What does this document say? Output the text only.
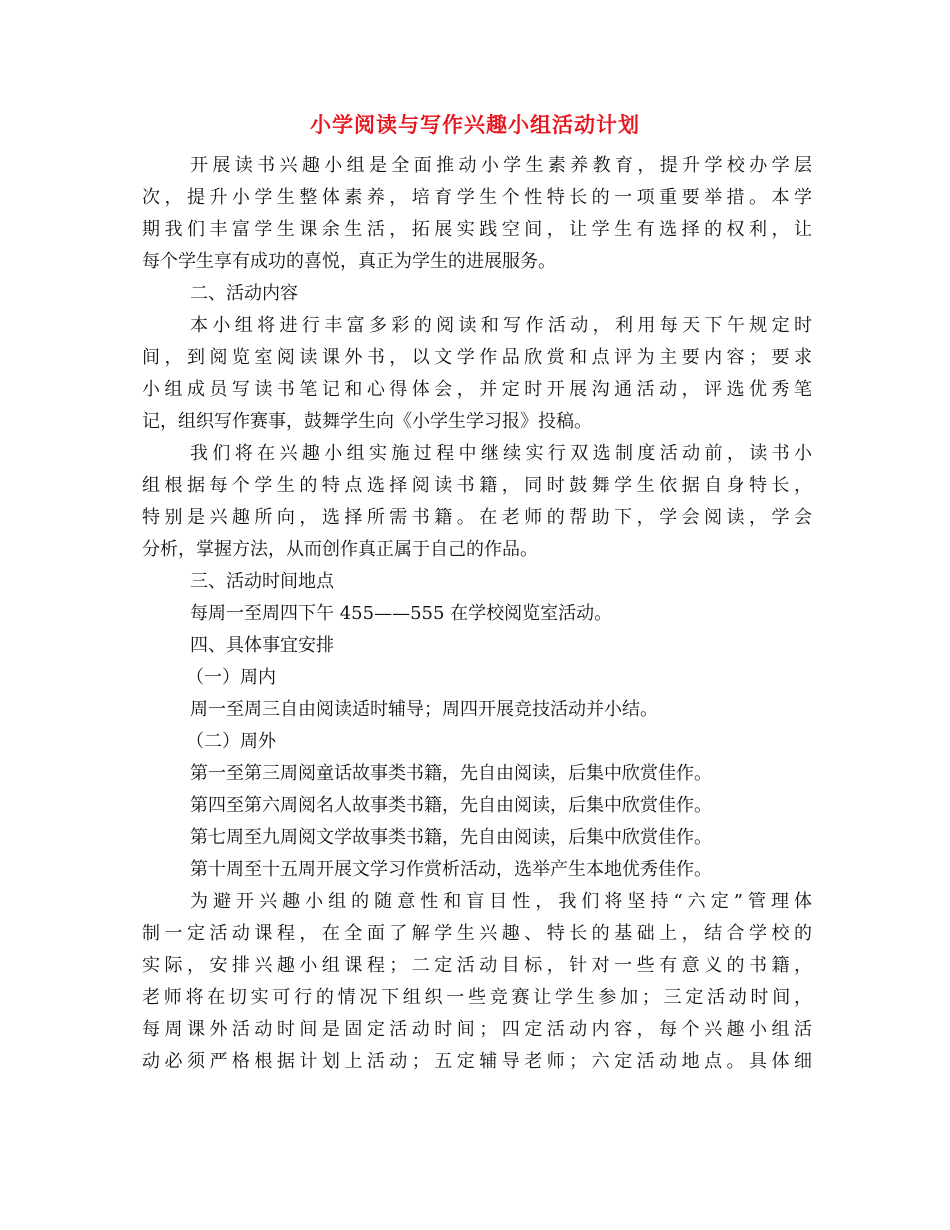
小学阅读与写作兴趣小组活动计划
开展读书兴趣小组是全面推动小学生素养教育，提升学校办学层
次，提升小学生整体素养，培育学生个性特长的一项重要举措。本学
期我们丰富学生课余生活，拓展实践空间，让学生有选择的权利，让
每个学生享有成功的喜悦，真正为学生的进展服务。
二、活动内容
本小组将进行丰富多彩的阅读和写作活动，利用每天下午规定时
间，到阅览室阅读课外书，以文学作品欣赏和点评为主要内容；要求
小组成员写读书笔记和心得体会，并定时开展沟通活动，评选优秀笔
记，组织写作赛事，鼓舞学生向《小学生学习报》投稿。
我们将在兴趣小组实施过程中继续实行双选制度活动前，读书小
组根据每个学生的特点选择阅读书籍，同时鼓舞学生依据自身特长，
特别是兴趣所向，选择所需书籍。在老师的帮助下，学会阅读，学会
分析，掌握方法，从而创作真正属于自己的作品。
三、活动时间地点
每周一至周四下午 455——555 在学校阅览室活动。
四、具体事宜安排
（一）周内
周一至周三自由阅读适时辅导；周四开展竞技活动并小结。
（二）周外
第一至第三周阅童话故事类书籍，先自由阅读，后集中欣赏佳作。
第四至第六周阅名人故事类书籍，先自由阅读，后集中欣赏佳作。
第七周至九周阅文学故事类书籍，先自由阅读，后集中欣赏佳作。
第十周至十五周开展文学习作赏析活动，选举产生本地优秀佳作。
为避开兴趣小组的随意性和盲目性，我们将坚持“六定”管理体
制一定活动课程，在全面了解学生兴趣、特长的基础上，结合学校的
实际，安排兴趣小组课程；二定活动目标，针对一些有意义的书籍，
老师将在切实可行的情况下组织一些竞赛让学生参加；三定活动时间，
每周课外活动时间是固定活动时间；四定活动内容，每个兴趣小组活
动必须严格根据计划上活动；五定辅导老师；六定活动地点。具体细
